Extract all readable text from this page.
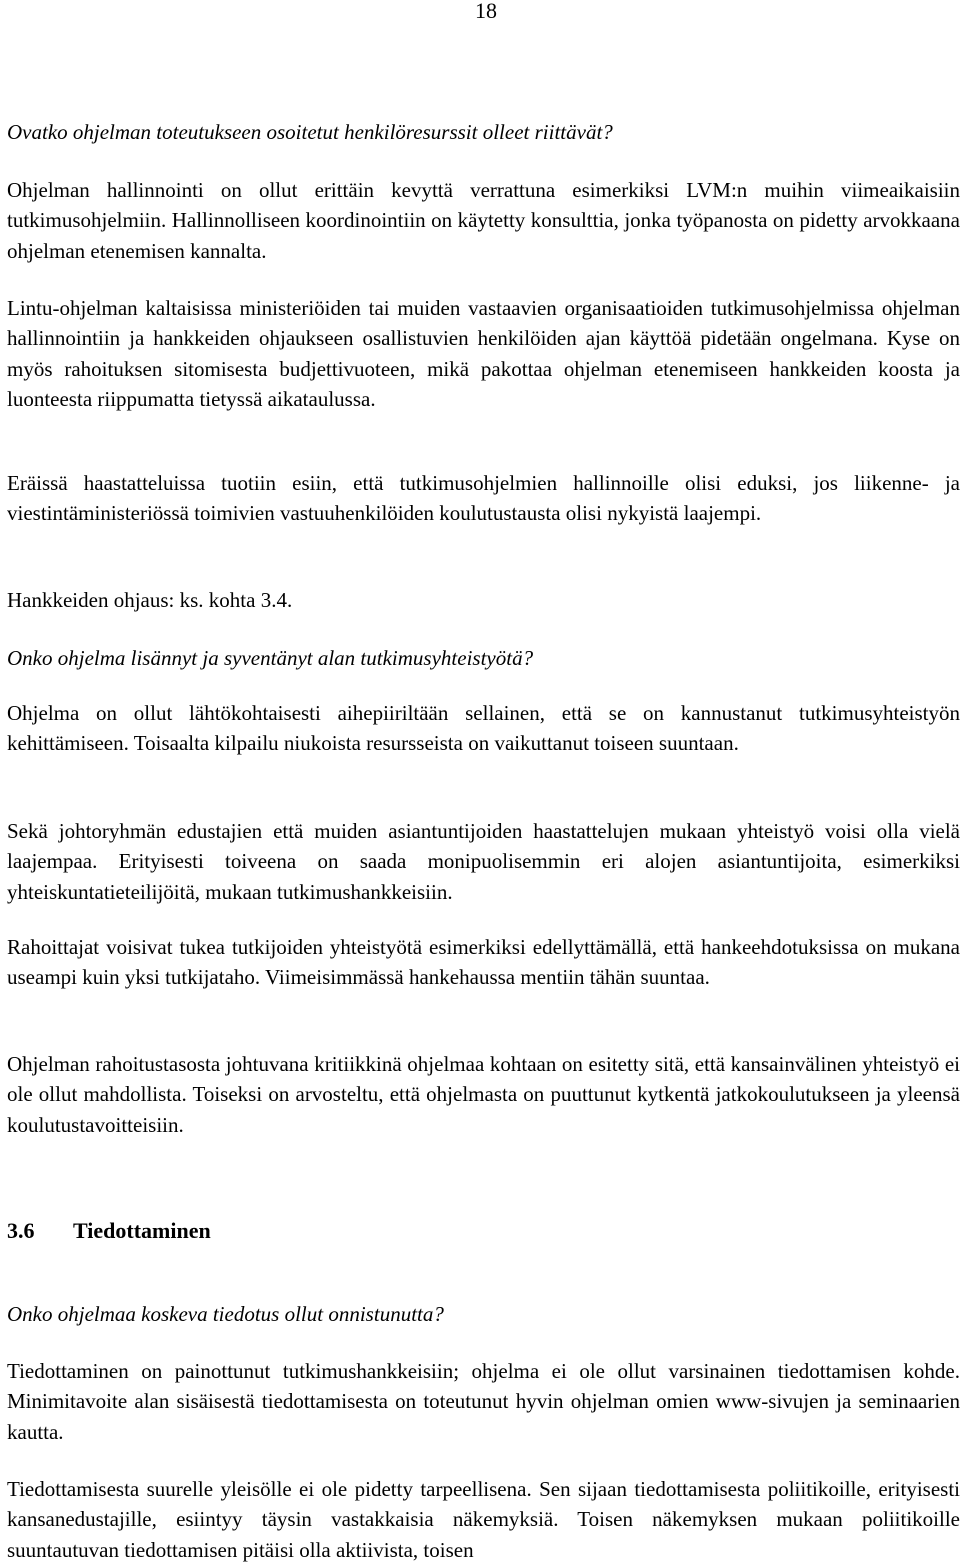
18

Ovatko ohjelman toteutukseen osoitetut henkilöresurssit olleet riittävät?

Ohjelman hallinnointi on ollut erittäin kevyttä verrattuna esimerkiksi LVM:n muihin viimeaikaisiin tutkimusohjelmiin. Hallinnolliseen koordinointiin on käytetty konsulttia, jonka työpanosta on pidetty arvokkaana ohjelman etenemisen kannalta.

Lintu-ohjelman kaltaisissa ministeriöiden tai muiden vastaavien organisaatioiden tutkimusohjelmissa ohjelman hallinnointiin ja hankkeiden ohjaukseen osallistuvien henkilöiden ajan käyttöä pidetään ongelmana. Kyse on myös rahoituksen sitomisesta budjettivuoteen, mikä pakottaa ohjelman etenemiseen hankkeiden koosta ja luonteesta riippumatta tietyssä aikataulussa.

Eräissä haastatteluissa tuotiin esiin, että tutkimusohjelmien hallinnoille olisi eduksi, jos liikenne- ja viestintäministeriössä toimivien vastuuhenkilöiden koulutustausta olisi nykyistä laajempi.

Hankkeiden ohjaus: ks. kohta 3.4.

Onko ohjelma lisännyt ja syventänyt alan tutkimusyhteistyötä?

Ohjelma on ollut lähtökohtaisesti aihepiiriltään sellainen, että se on kannustanut tutkimusyhteistyön kehittämiseen. Toisaalta kilpailu niukoista resursseista on vaikuttanut toiseen suuntaan.

Sekä johtoryhmän edustajien että muiden asiantuntijoiden haastattelujen mukaan yhteistyö voisi olla vielä laajempaa. Erityisesti toiveena on saada monipuolisemmin eri alojen asiantuntijoita, esimerkiksi yhteiskuntatieteilijöitä, mukaan tutkimushankkeisiin.

Rahoittajat voisivat tukea tutkijoiden yhteistyötä esimerkiksi edellyttämällä, että hankeehdotuksissa on mukana useampi kuin yksi tutkijataho. Viimeisimmässä hankehaussa mentiin tähän suuntaa.

Ohjelman rahoitustasosta johtuvana kritiikkinä ohjelmaa kohtaan on esitetty sitä, että kansainvälinen yhteistyö ei ole ollut mahdollista. Toiseksi on arvosteltu, että ohjelmasta on puuttunut kytkentä jatkokoulutukseen ja yleensä koulutustavoitteisiin.

3.6 Tiedottaminen

Onko ohjelmaa koskeva tiedotus ollut onnistunutta?

Tiedottaminen on painottunut tutkimushankkeisiin; ohjelma ei ole ollut varsinainen tiedottamisen kohde. Minimitavoite alan sisäisestä tiedottamisesta on toteutunut hyvin ohjelman omien www-sivujen ja seminaarien kautta.

Tiedottamisesta suurelle yleisölle ei ole pidetty tarpeellisena. Sen sijaan tiedottamisesta poliitikoille, erityisesti kansanedustajille, esiintyy täysin vastakkaisia näkemyksiä. Toisen näkemyksen mukaan poliitikoille suuntautuvan tiedottamisen pitäisi olla aktiivista, toisen
